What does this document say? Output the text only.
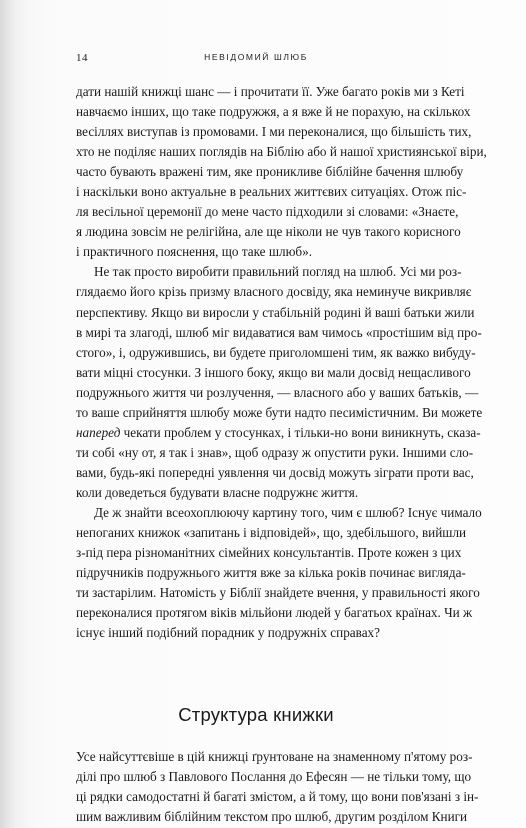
14	НЕВІДОМИЙ ШЛЮБ
дати нашій книжці шанс — і прочитати її. Уже багато років ми з Кеті
навчаємо інших, що таке подружжя, а я вже й не порахую, на скількох
весіллях виступав із промовами. І ми переконалися, що більшість тих,
хто не поділяє наших поглядів на Біблію або й нашої християнської віри,
часто бувають вражені тим, яке проникливе біблійне бачення шлюбу
і наскільки воно актуальне в реальних життєвих ситуаціях. Отож піс-
ля весільної церемонії до мене часто підходили зі словами: «Знаєте,
я людина зовсім не релігійна, але ще ніколи не чув такого корисного
і практичного пояснення, що таке шлюб».
Не так просто виробити правильний погляд на шлюб. Усі ми роз-
глядаємо його крізь призму власного досвіду, яка неминуче викривляє
перспективу. Якщо ви виросли у стабільній родині й ваші батьки жили
в мирі та злагоді, шлюб міг видаватися вам чимось «простішим від про-
стого», і, одружившись, ви будете приголомшені тим, як важко вибуду-
вати міцні стосунки. З іншого боку, якщо ви мали досвід нещасливого
подружнього життя чи розлучення, — власного або у ваших батьків, —
то ваше сприйняття шлюбу може бути надто песимістичним. Ви можете
наперед чекати проблем у стосунках, і тільки-но вони виникнуть, сказа-
ти собі «ну от, я так і знав», щоб одразу ж опустити руки. Іншими сло-
вами, будь-які попередні уявлення чи досвід можуть зіграти проти вас,
коли доведеться будувати власне подружнє життя.
Де ж знайти всеохоплюючу картину того, чим є шлюб? Існує чимало
непоганих книжок «запитань і відповідей», що, здебільшого, вийшли
з-під пера різноманітних сімейних консультантів. Проте кожен з цих
підручників подружнього життя вже за кілька років починає вигляда-
ти застарілим. Натомість у Біблії знайдете вчення, у правильності якого
переконалися протягом віків мільйони людей у багатьох країнах. Чи ж
існує інший подібний порадник у подружніх справах?
Структура книжки
Усе найсуттєвіше в цій книжці ґрунтоване на знаменному п'ятому роз-
ділі про шлюб з Павлового Послання до Ефесян — не тільки тому, що
ці рядки самодостатні й багаті змістом, а й тому, що вони пов'язані з ін-
шим важливим біблійним текстом про шлюб, другим розділом Книги
